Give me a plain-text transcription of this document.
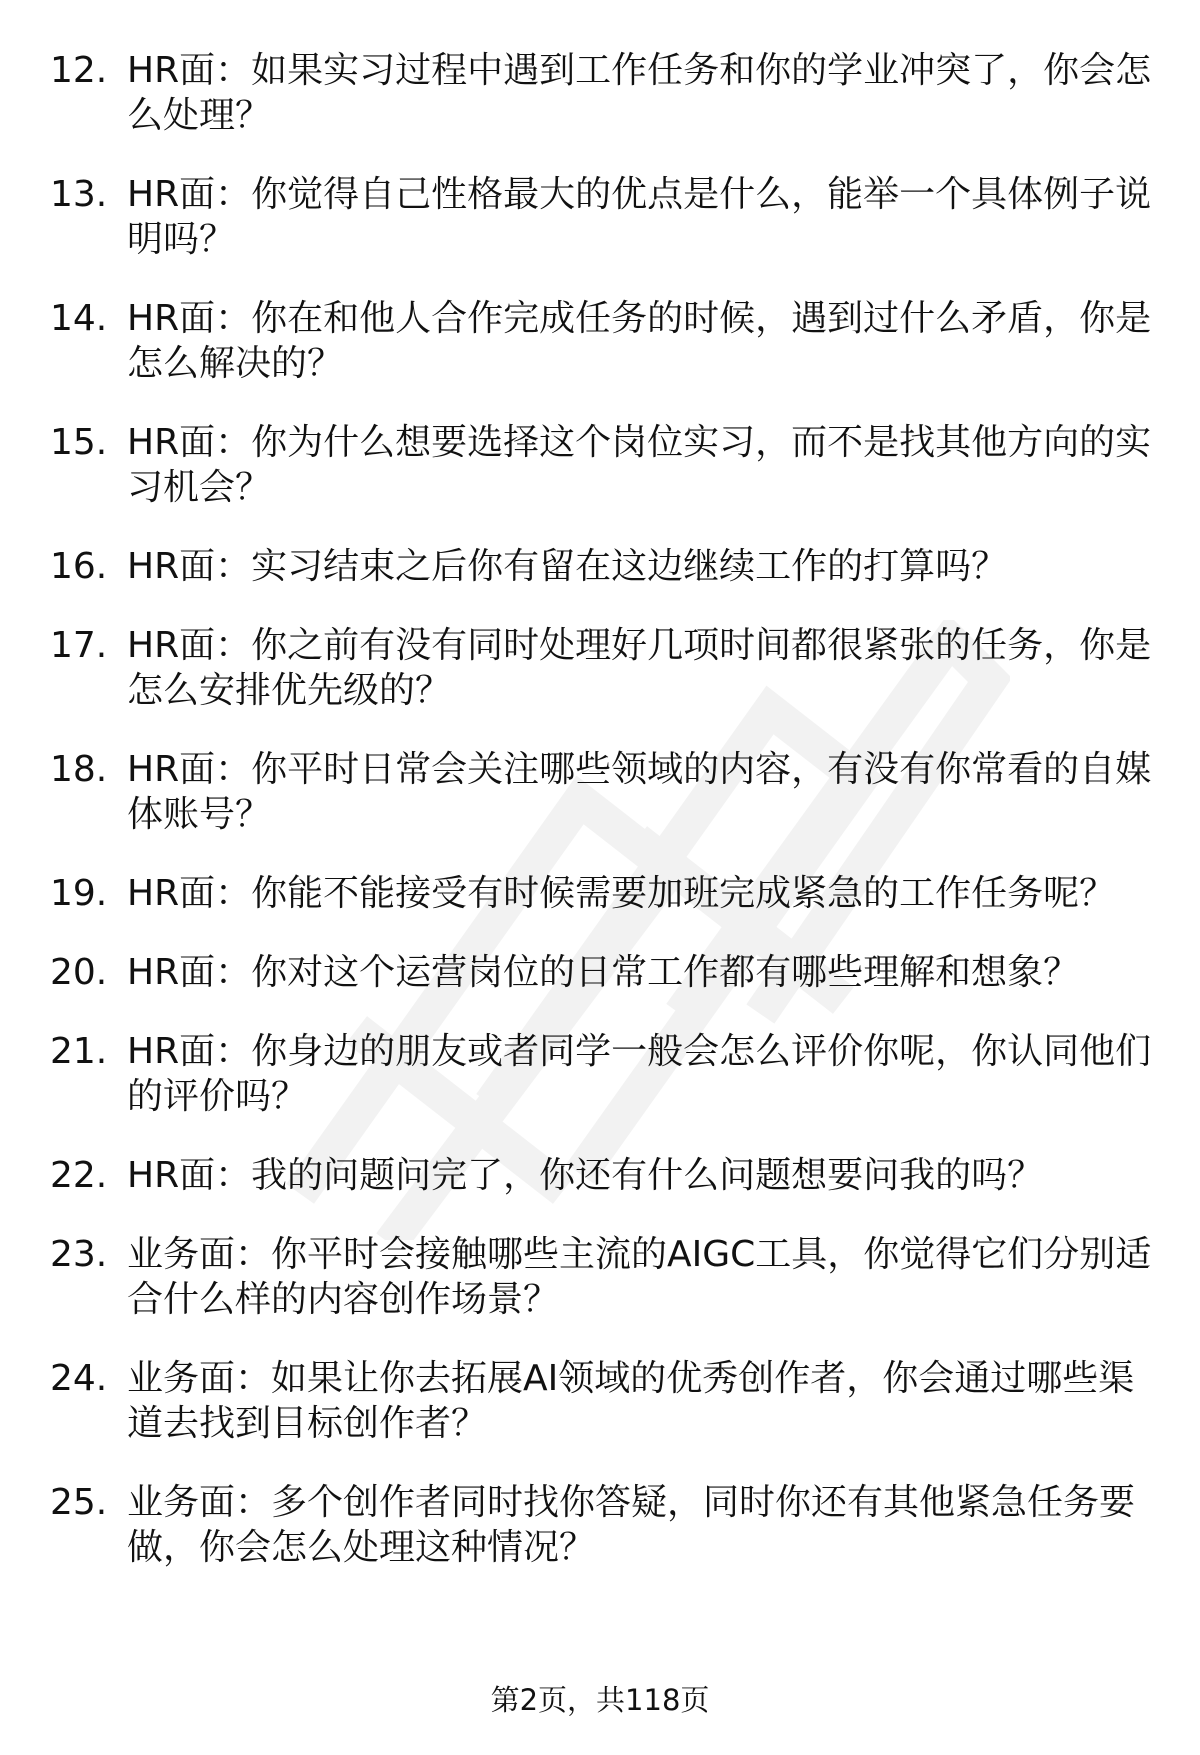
12. HR面：如果实习过程中遇到工作任务和你的学业冲突了，你会怎么处理？
13. HR面：你觉得自己性格最大的优点是什么，能举一个具体例子说明吗？
14. HR面：你在和他人合作完成任务的时候，遇到过什么矛盾，你是怎么解决的？
15. HR面：你为什么想要选择这个岗位实习，而不是找其他方向的实习机会？
16. HR面：实习结束之后你有留在这边继续工作的打算吗？
17. HR面：你之前有没有同时处理好几项时间都很紧张的任务，你是怎么安排优先级的？
18. HR面：你平时日常会关注哪些领域的内容，有没有你常看的自媒体账号？
19. HR面：你能不能接受有时候需要加班完成紧急的工作任务呢？
20. HR面：你对这个运营岗位的日常工作都有哪些理解和想象？
21. HR面：你身边的朋友或者同学一般会怎么评价你呢，你认同他们的评价吗？
22. HR面：我的问题问完了，你还有什么问题想要问我的吗？
23. 业务面：你平时会接触哪些主流的AIGC工具，你觉得它们分别适合什么样的内容创作场景？
24. 业务面：如果让你去拓展AI领域的优秀创作者，你会通过哪些渠道去找到目标创作者？
25. 业务面：多个创作者同时找你答疑，同时你还有其他紧急任务要做，你会怎么处理这种情况？
第2页，共118页
